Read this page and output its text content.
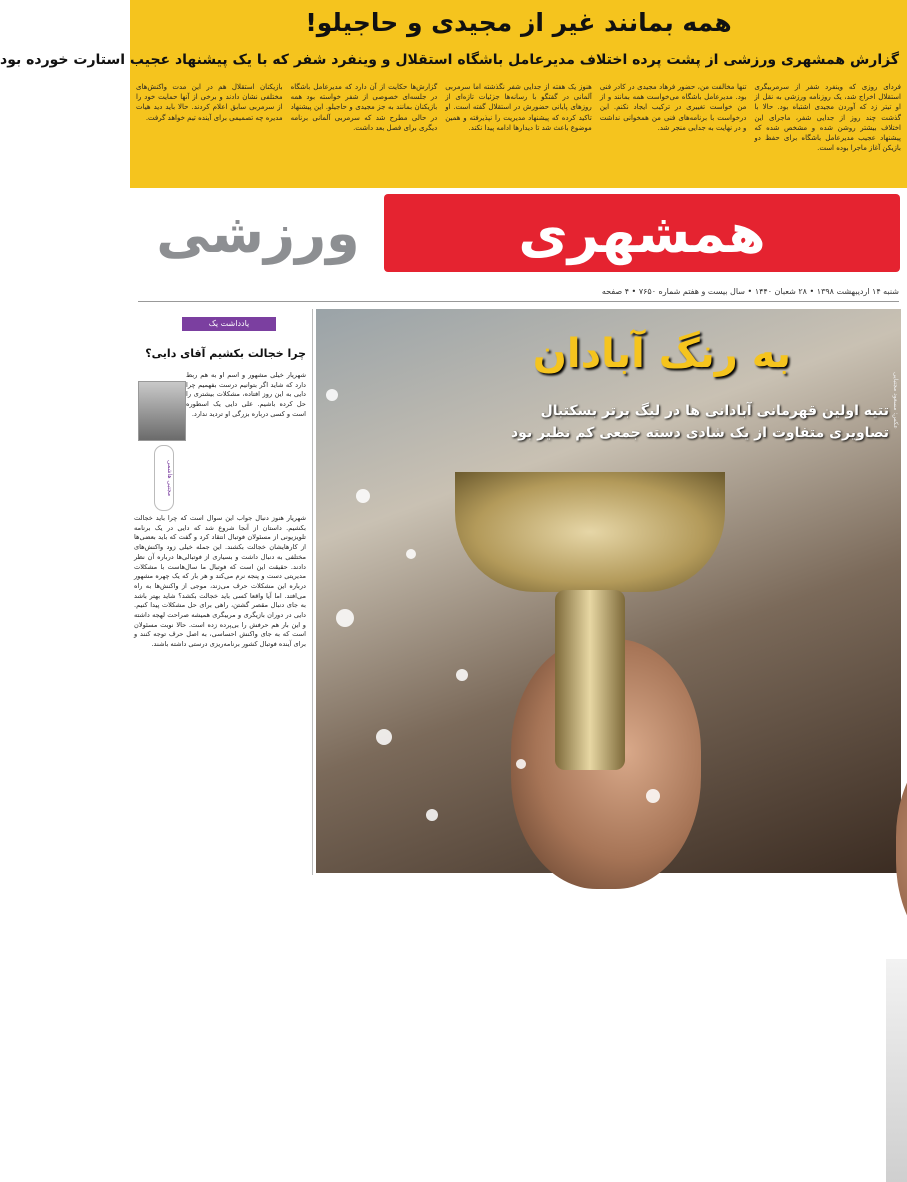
همه بمانند غیر از مجیدی و حاجیلو!
گزارش همشهری ورزشی از پشت پرده اختلاف مدیرعامل باشگاه استقلال و وینفرد شفر که با یک پیشنهاد عجیب استارت خورده بود
فردای روزی که وینفرد شفر از سرمربیگری استقلال اخراج شد، یک روزنامه ورزشی به نقل از او تیتر زد که آوردن مجیدی اشتباه بود. حالا با گذشت چند روز از جدایی شفر، ماجرای این اختلاف بیشتر روشن شده و مشخص شده که پیشنهاد عجیب مدیرعامل باشگاه برای حفظ دو بازیکن آغاز ماجرا بوده است.
تنها مخالفت من، حضور فرهاد مجیدی در کادر فنی بود. مدیرعامل باشگاه می‌خواست همه بمانند و از من خواست تغییری در ترکیب ایجاد نکنم. این درخواست با برنامه‌های فنی من همخوانی نداشت و در نهایت به جدایی منجر شد.
هنوز یک هفته از جدایی شفر نگذشته اما سرمربی آلمانی در گفتگو با رسانه‌ها جزئیات تازه‌ای از روزهای پایانی حضورش در استقلال گفته است. او تاکید کرده که پیشنهاد مدیریت را نپذیرفته و همین موضوع باعث شد تا دیدارها ادامه پیدا نکند.
گزارش‌ها حکایت از آن دارد که مدیرعامل باشگاه در جلسه‌ای خصوصی از شفر خواسته بود همه بازیکنان بمانند به جز مجیدی و حاجیلو. این پیشنهاد در حالی مطرح شد که سرمربی آلمانی برنامه دیگری برای فصل بعد داشت.
بازیکنان استقلال هم در این مدت واکنش‌های مختلفی نشان دادند و برخی از آنها حمایت خود را از سرمربی سابق اعلام کردند. حالا باید دید هیات مدیره چه تصمیمی برای آینده تیم خواهد گرفت.
همشهری
ورزشی
شنبه ۱۴ اردیبهشت ۱۳۹۸ • ۲۸ شعبان ۱۴۴۰ • سال بیست و هفتم شماره ۷۶۵۰ • ۴ صفحه
یادداشت یک
چرا خجالت بکشیم آقای دایی؟
شهریار خیلی مشهور و اسم او به هم ربط دارد که شاید اگر بتوانیم درست بفهمیم چرا دایی به این روز افتاده، مشکلات بیشتری را حل کرده باشیم. علی دایی یک اسطوره است و کسی درباره بزرگی او تردید ندارد.
مجتبی هاشمی
شهریار هنوز دنبال جواب این سوال است که چرا باید خجالت بکشیم. داستان از آنجا شروع شد که دایی در یک برنامه تلویزیونی از مسئولان فوتبال انتقاد کرد و گفت که باید بعضی‌ها از کارهایشان خجالت بکشند. این جمله خیلی زود واکنش‌های مختلفی به دنبال داشت و بسیاری از فوتبالی‌ها درباره آن نظر دادند. حقیقت این است که فوتبال ما سال‌هاست با مشکلات مدیریتی دست و پنجه نرم می‌کند و هر بار که یک چهره مشهور درباره این مشکلات حرف می‌زند، موجی از واکنش‌ها به راه می‌افتد. اما آیا واقعا کسی باید خجالت بکشد؟ شاید بهتر باشد به جای دنبال مقصر گشتن، راهی برای حل مشکلات پیدا کنیم. دایی در دوران بازیگری و مربیگری همیشه صراحت لهجه داشته و این بار هم حرفش را بی‌پرده زده است. حالا نوبت مسئولان است که به جای واکنش احساسی، به اصل حرف توجه کنند و برای آینده فوتبال کشور برنامه‌ریزی درستی داشته باشند.
به رنگ آبادان
تتیه اولین قهرمانی آبادانی ها در لیگ برتر بسکتبال
تصاویری متفاوت از یک شادی دسته جمعی کم نظیر بود
عکس: مسعود مجتبایی
